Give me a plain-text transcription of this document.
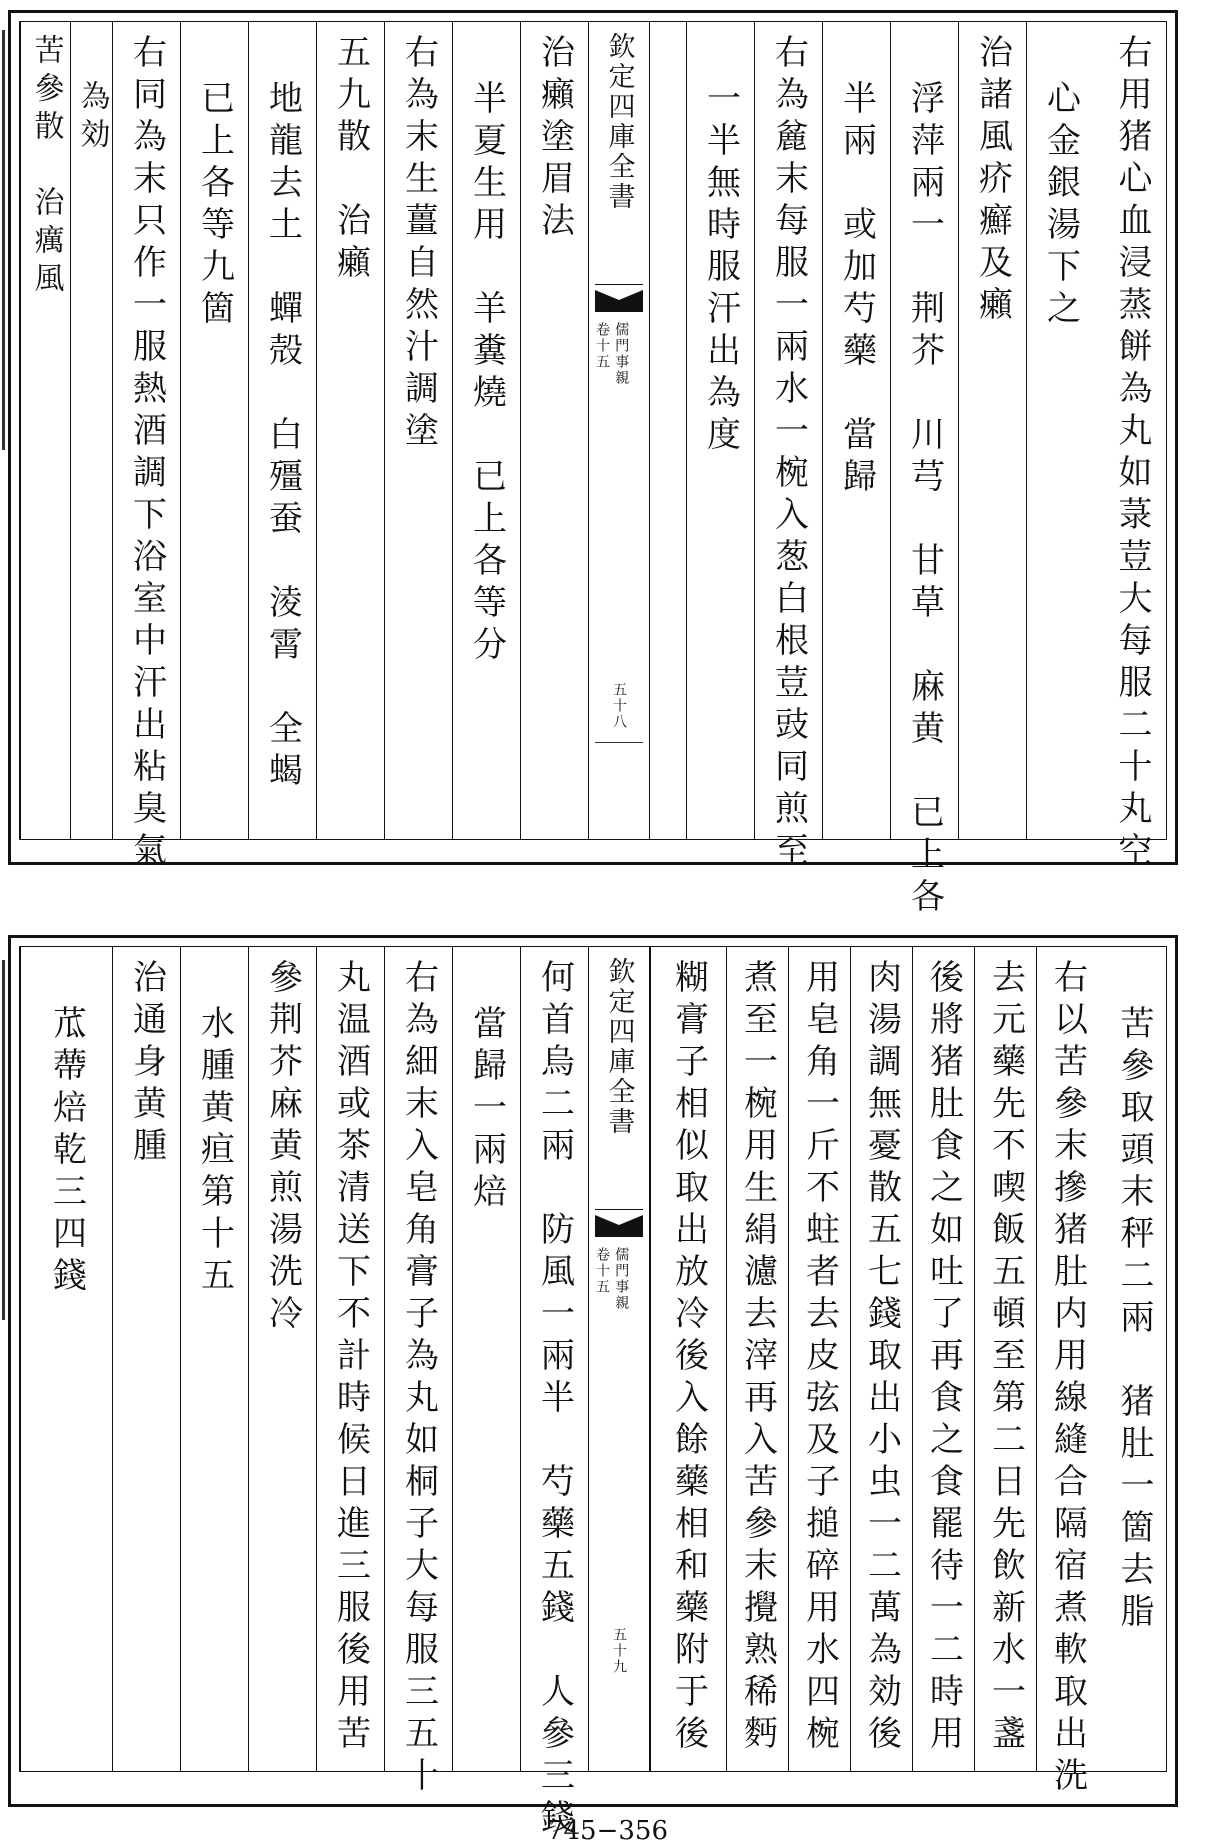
右用猪心血浸蒸餅為丸如菉荳大每服二十丸空
心金銀湯下之
治諸風疥癬及癩
浮萍兩一　荆芥　川芎　甘草　麻黄　已上各
半兩　或加芍藥　當歸
右為麄末每服一兩水一椀入葱白根荳豉同煎至
一半無時服汗出為度
欽定四庫全書
儒門事親
卷十五
五十八
治癩塗眉法
半夏生用　羊糞燒　已上各等分
右為末生薑自然汁調塗
五九散　治癩
地龍去土　蟬殻　白殭蚕　淩霄　全蝎
已上各等九箇
右同為末只作一服熱酒調下浴室中汗出粘臭氣
為効
苦參散　治癘風
苦參取頭末秤二兩　猪肚一箇去脂
右以苦參末摻猪肚内用線縫合隔宿煮軟取出洗
去元藥先不喫飯五頓至第二日先飲新水一盞
後將猪肚食之如吐了再食之食罷待一二時用
肉湯調無憂散五七錢取出小虫一二萬為効後
用皂角一斤不蛀者去皮弦及子搥碎用水四椀
煮至一椀用生絹濾去滓再入苦參末攪熟稀麪
糊膏子相似取出放冷後入餘藥相和藥附于後
欽定四庫全書
儒門事親
卷十五
五十九
何首烏二兩　防風一兩半　芍藥五錢　人參三錢
當歸一兩焙
右為細末入皂角膏子為丸如桐子大每服三五十
丸温酒或茶清送下不計時候日進三服後用苦
參荆芥麻黄煎湯洗冷
水腫黄疸第十五
治通身黄腫
苽蔕焙乾三四錢
745−356
